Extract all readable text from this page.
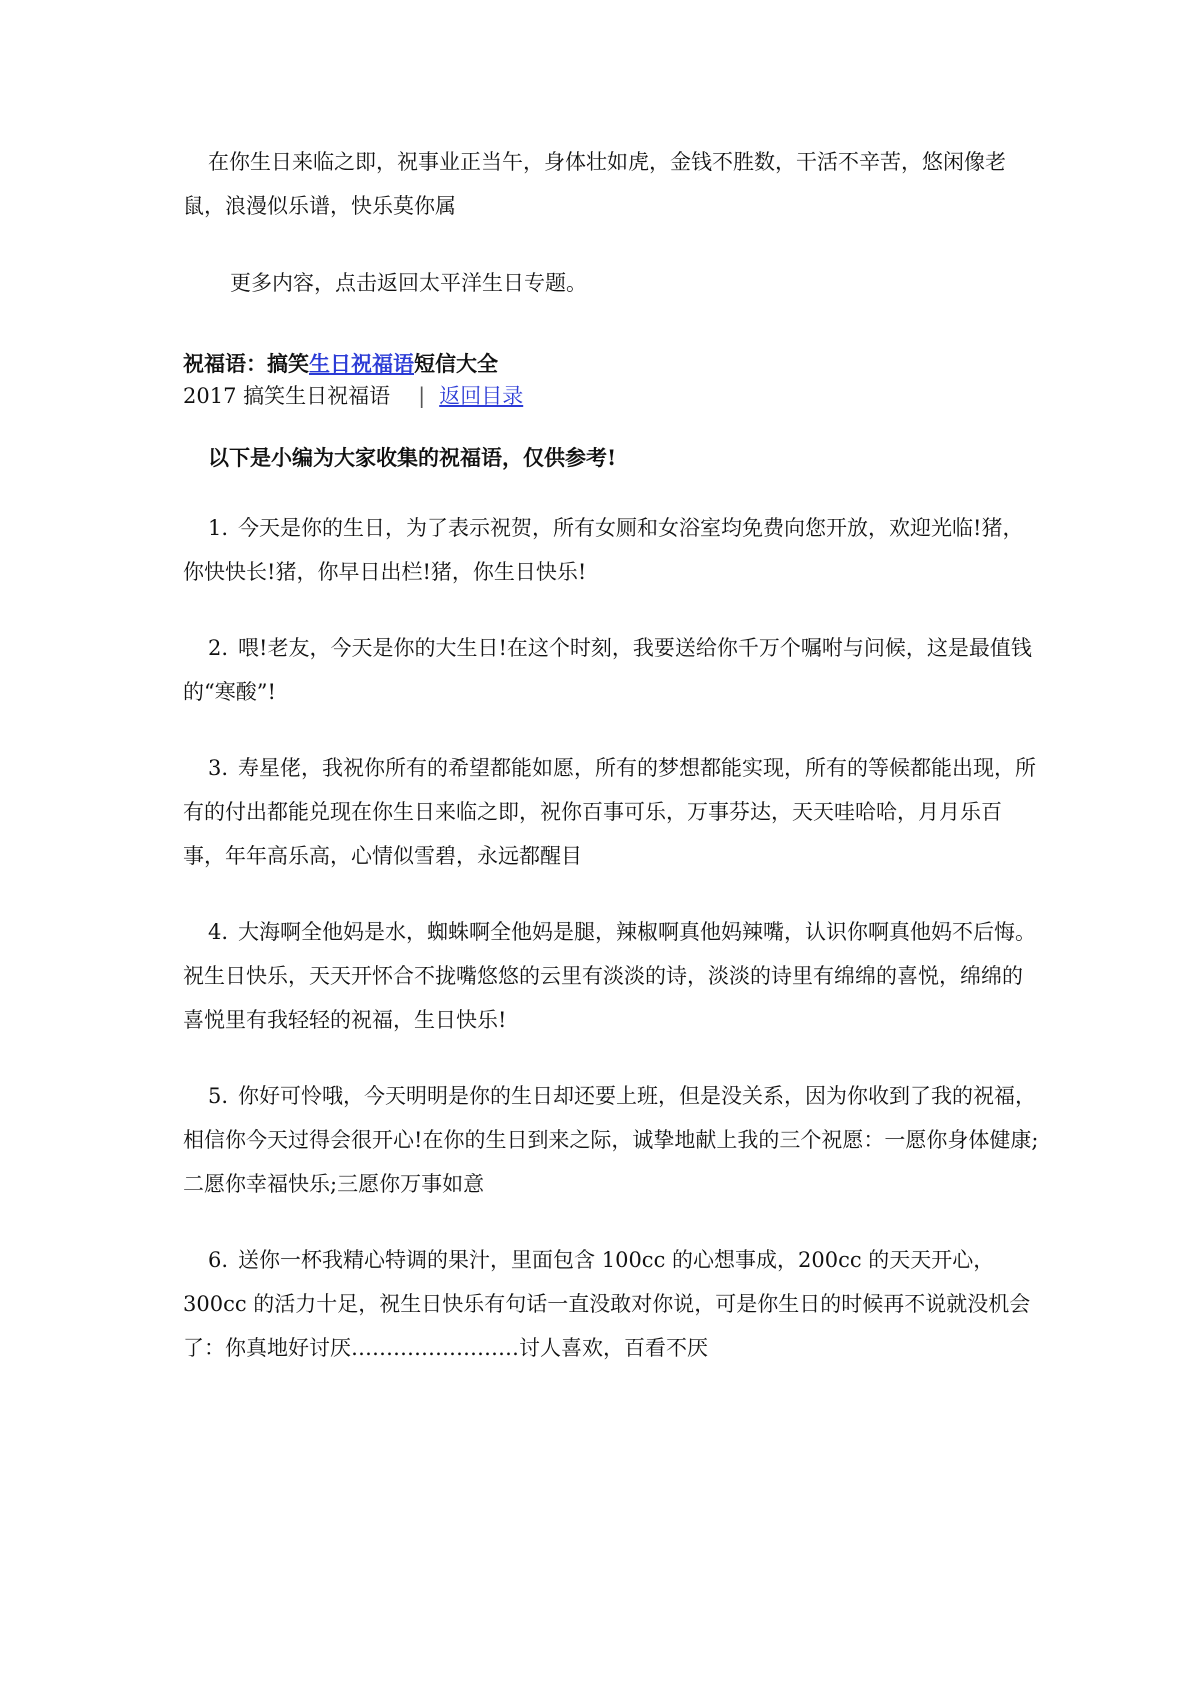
在你生日来临之即，祝事业正当午，身体壮如虎，金钱不胜数，干活不辛苦，悠闲像老鼠，浪漫似乐谱，快乐莫你属

更多内容，点击返回太平洋生日专题。

祝福语：搞笑生日祝福语短信大全
2017 搞笑生日祝福语 | 返回目录

以下是小编为大家收集的祝福语，仅供参考!

1. 今天是你的生日，为了表示祝贺，所有女厕和女浴室均免费向您开放，欢迎光临!猪，你快快长!猪，你早日出栏!猪，你生日快乐!

2. 喂!老友，今天是你的大生日!在这个时刻，我要送给你千万个嘱咐与问候，这是最值钱的“寒酸”!

3. 寿星佬，我祝你所有的希望都能如愿，所有的梦想都能实现，所有的等候都能出现，所有的付出都能兑现在你生日来临之即，祝你百事可乐，万事芬达，天天哇哈哈，月月乐百事，年年高乐高，心情似雪碧，永远都醒目

4. 大海啊全他妈是水，蜘蛛啊全他妈是腿，辣椒啊真他妈辣嘴，认识你啊真他妈不后悔。祝生日快乐，天天开怀合不拢嘴悠悠的云里有淡淡的诗，淡淡的诗里有绵绵的喜悦，绵绵的喜悦里有我轻轻的祝福，生日快乐!

5. 你好可怜哦，今天明明是你的生日却还要上班，但是没关系，因为你收到了我的祝福，相信你今天过得会很开心!在你的生日到来之际，诚挚地献上我的三个祝愿：一愿你身体健康;二愿你幸福快乐;三愿你万事如意

6. 送你一杯我精心特调的果汁，里面包含 100cc 的心想事成，200cc 的天天开心，300cc 的活力十足，祝生日快乐有句话一直没敢对你说，可是你生日的时候再不说就没机会了：你真地好讨厌……………………讨人喜欢，百看不厌
